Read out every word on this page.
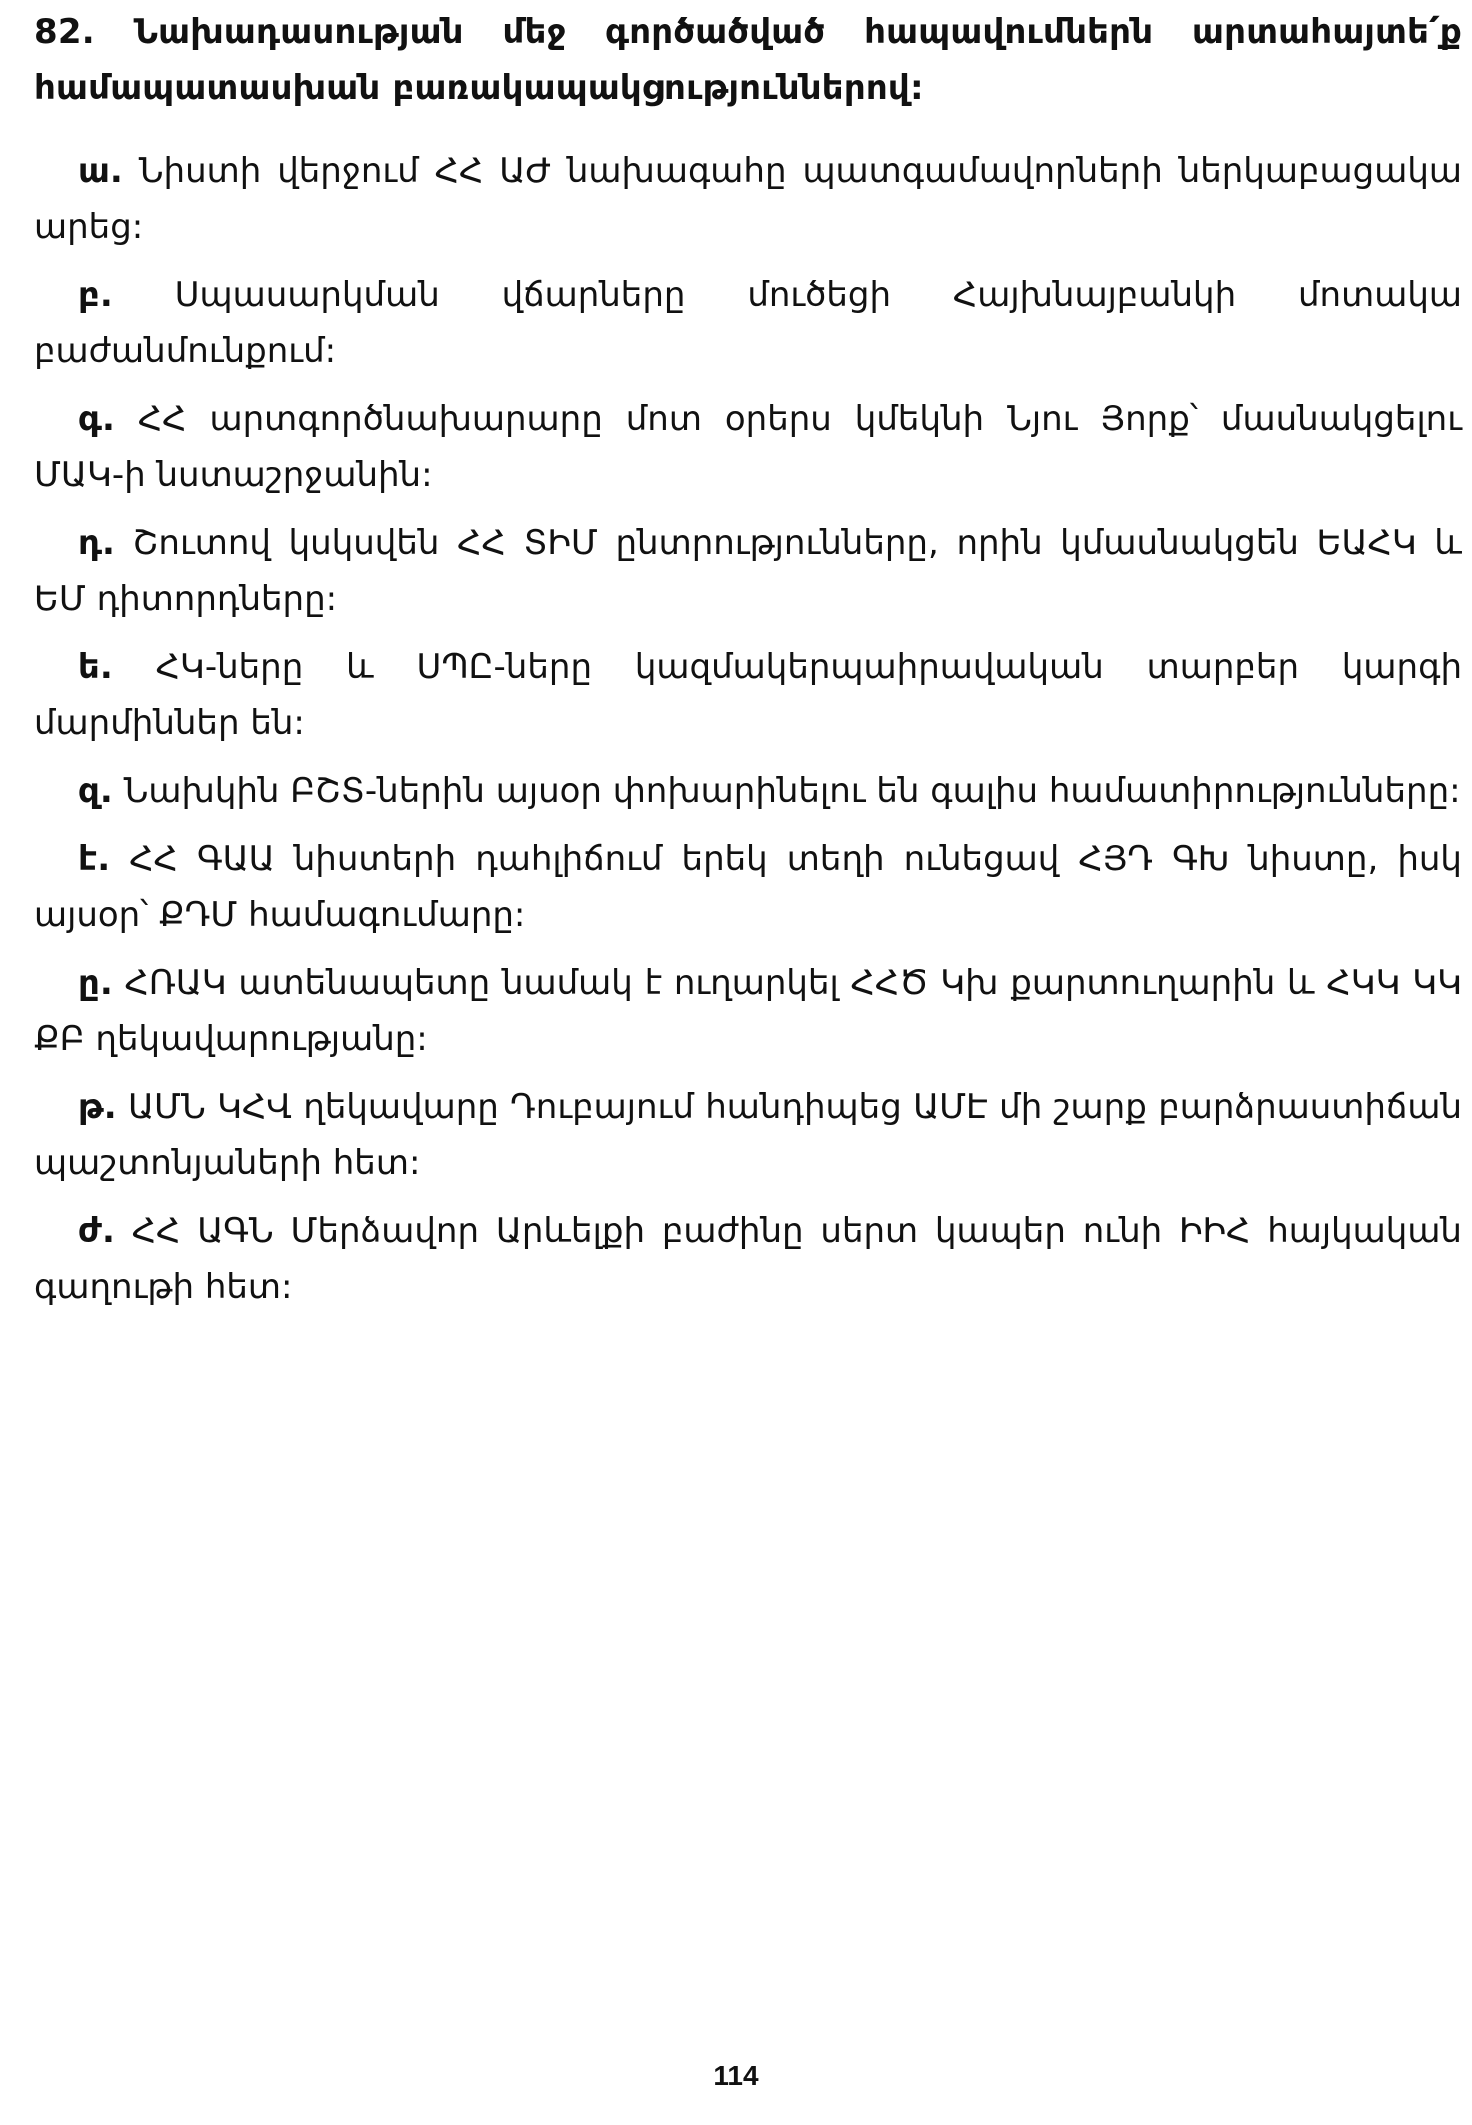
82. Նախադասության մեջ գործածված հապավումներն արտահայտե՛ք համապատասխան բառակապակցություններով:

ա. Նիստի վերջում ՀՀ ԱԺ նախագահը պատգամավորների ներկաբացակա արեց:

բ. Սպասարկման վճարները մուծեցի Հայխնայբանկի մոտակա բաժանմունքում:

գ. ՀՀ արտգործնախարարը մոտ օրերս կմեկնի Նյու Յորք՝ մասնակցելու ՄԱԿ-ի նստաշրջանին:

դ. Շուտով կսկսվեն ՀՀ ՏԻՄ ընտրությունները, որին կմասնակցեն ԵԱՀԿ և ԵՄ դիտորդները:

ե. ՀԿ-ները և ՍՊԸ-ները կազմակերպաիրավական տարբեր կարգի մարմիններ են:

զ. Նախկին ԲՇՏ-ներին այսօր փոխարինելու են գալիս համատիրությունները:

է. ՀՀ ԳԱԱ նիստերի դահլիճում երեկ տեղի ունեցավ ՀՅԴ ԳԽ նիստը, իսկ այսօր՝ ՔԴՄ համագումարը:

ը. ՀՌԱԿ ատենապետը նամակ է ուղարկել ՀՀԾ Կխ քարտուղարին և ՀԿԿ ԿԿ ՔԲ ղեկավարությանը:

թ. ԱՄՆ ԿՀՎ ղեկավարը Դուբայում հանդիպեց ԱՄԷ մի շարք բարձրաստիճան պաշտոնյաների հետ:

ժ. ՀՀ ԱԳՆ Մերձավոր Արևելքի բաժինը սերտ կապեր ունի ԻԻՀ հայկական գաղութի հետ:

114
